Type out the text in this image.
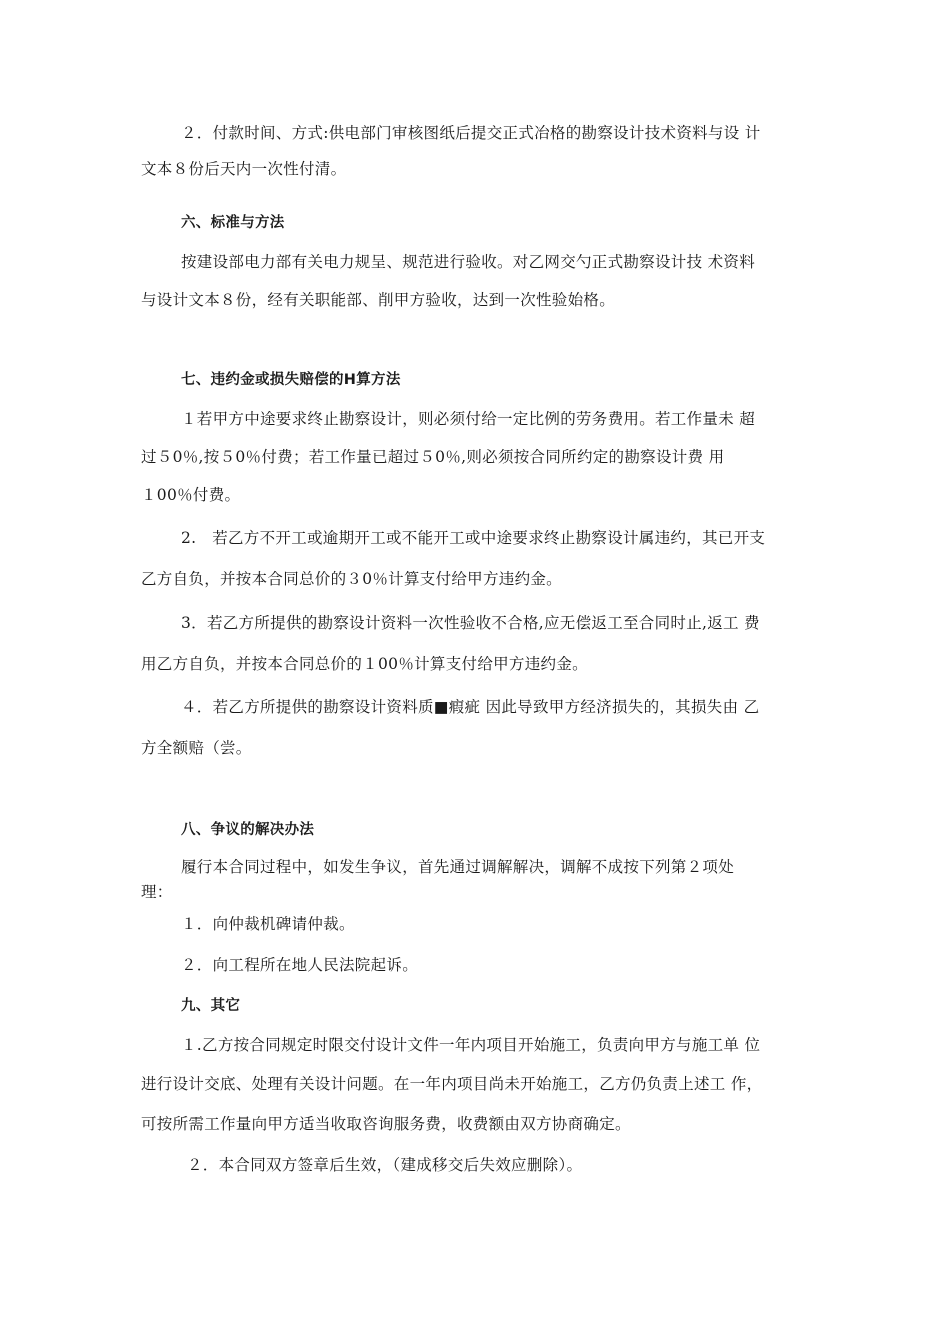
２．付款时间、方式:供电部门审核图纸后提交正式冶格的勘察设计技术资料与设 计
文本８份后天内一次性付清。
六、标准与方法
按建设部电力部有关电力规呈、规范进行验收。对乙网交勺正式勘察设计技 术资料
与设计文本８份，经有关职能部、削甲方验收，达到一次性验始格。
七、违约金或损失赔偿的H算方法
１若甲方中途要求终止勘察设计，则必须付给一定比例的劳务费用。若工作量未 超
过５0％,按５0％付费；若工作量已超过５0％,则必须按合同所约定的勘察设计费 用
１00％付费。
2.　若乙方不开工或逾期开工或不能开工或中途要求终止勘察设计属违约，其已开支
乙方自负，并按本合同总价的３0％计算支付给甲方违约金。
3．若乙方所提供的勘察设计资料一次性验收不合格,应无偿返工至合同时止,返工 费
用乙方自负，并按本合同总价的１00％计算支付给甲方违约金。
４．若乙方所提供的勘察设计资料质■瘕疵 因此导致甲方经济损失的，其损失由 乙
方全额赔（尝。
八、争议的解决办法
履行本合同过程中，如发生争议，首先通过调解解决，调解不成按下列第２项处
理：
１．向仲裁机碑请仲裁。
２．向工程所在地人民法院起诉。
九、其它
１.乙方按合同规定时限交付设计文件一年内项目开始施工，负责向甲方与施工单 位
进行设计交底、处理有关设计问题。在一年内项目尚未开始施工，乙方仍负责上述工 作，
可按所需工作量向甲方适当收取咨询服务费，收费额由双方协商确定。
２．本合同双方签章后生效，（建成移交后失效应删除）。
